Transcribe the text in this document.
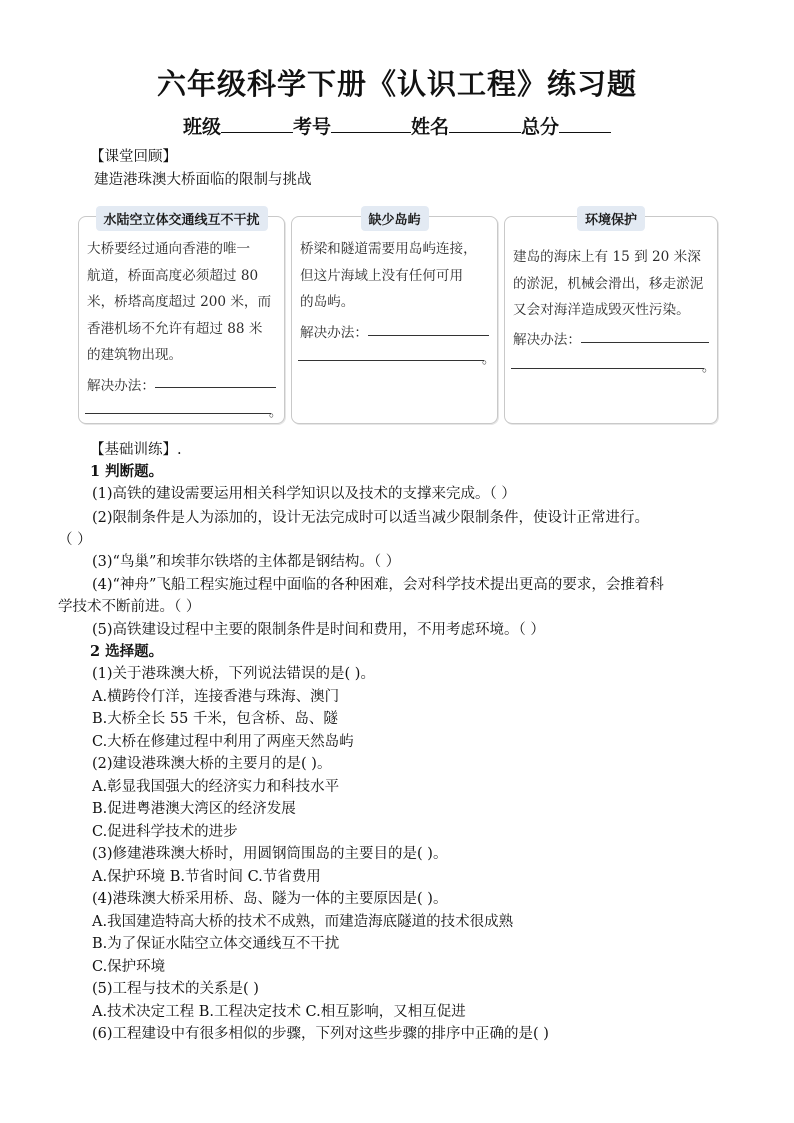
六年级科学下册《认识工程》练习题
班级	考号	姓名	总分
【课堂回顾】
建造港珠澳大桥面临的限制与挑战
水陆空立体交通线互不干扰
大桥要经过通向香港的唯一
航道，桥面高度必须超过 80
米，桥塔高度超过 200 米，而
香港机场不允许有超过 88 米
的建筑物出现。
解决办法：
。
缺少岛屿
桥梁和隧道需要用岛屿连接，
但这片海域上没有任何可用
的岛屿。
解决办法：
。
环境保护
建岛的海床上有 15 到 20 米深
的淤泥，机械会滑出，移走淤泥
又会对海洋造成毁灭性污染。
解决办法：
。
【基础训练】.
1 判断题。
(1)高铁的建设需要运用相关科学知识以及技术的支撑来完成。（ ）
(2)限制条件是人为添加的，设计无法完成时可以适当减少限制条件，使设计正常进行。
（ ）
(3)“鸟巢”和埃菲尔铁塔的主体都是钢结构。（ ）
(4)“神舟”飞船工程实施过程中面临的各种困难，会对科学技术提出更高的要求，会推着科
学技术不断前进。（ ）
(5)高铁建设过程中主要的限制条件是时间和费用，不用考虑环境。（ ）
2 选择题。
(1)关于港珠澳大桥，下列说法错误的是( )。
A.横跨伶仃洋，连接香港与珠海、澳门
B.大桥全长 55 千米，包含桥、岛、隧
C.大桥在修建过程中利用了两座天然岛屿
(2)建设港珠澳大桥的主要月的是( )。
A.彰显我国强大的经济实力和科技水平
B.促进粤港澳大湾区的经济发展
C.促进科学技术的进步
(3)修建港珠澳大桥时，用圆钢筒围岛的主要目的是( )。
A.保护环境 B.节省时间 C.节省费用
(4)港珠澳大桥采用桥、岛、隧为一体的主要原因是( )。
A.我国建造特高大桥的技术不成熟，而建造海底隧道的技术很成熟
B.为了保证水陆空立体交通线互不干扰
C.保护环境
(5)工程与技术的关系是( )
A.技术决定工程 B.工程决定技术 C.相互影响，又相互促进
(6)工程建设中有很多相似的步骤，下列对这些步骤的排序中正确的是( )
